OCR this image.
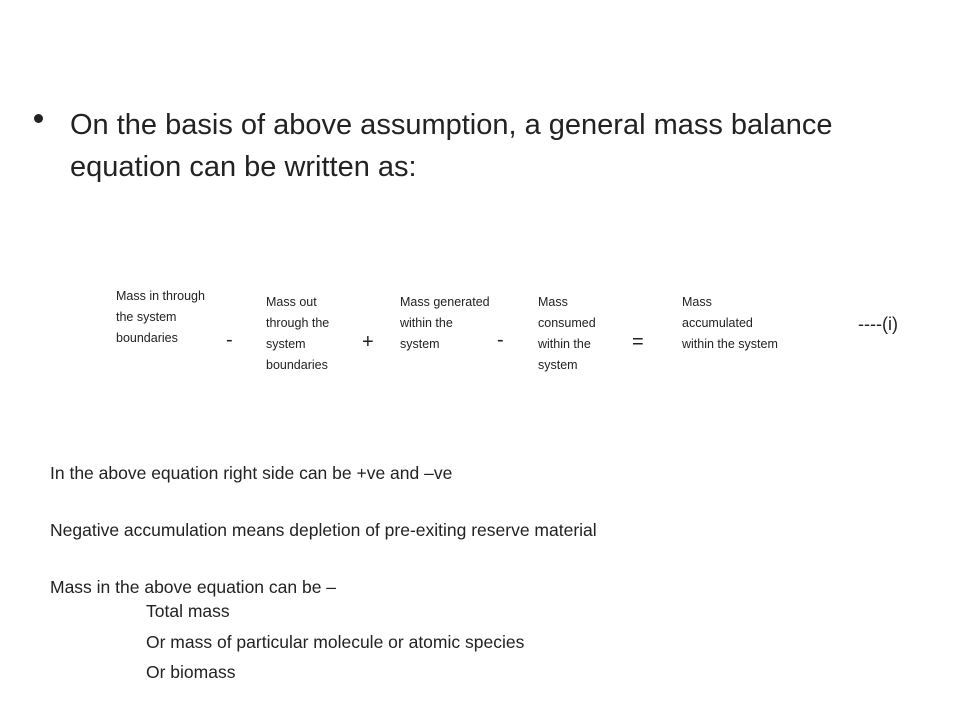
On the basis of above assumption, a general mass balance equation can be written as:
Mass in through the system boundaries	-
Mass out through the system boundaries
+
Mass generated within the system	-
Mass consumed within the system
=
Mass accumulated within the system
----(i)
In the above equation right side can be +ve and –ve
Negative accumulation means depletion of pre-exiting reserve material
Mass in the above equation can be –
Total mass
Or mass of particular molecule or atomic species
Or biomass
